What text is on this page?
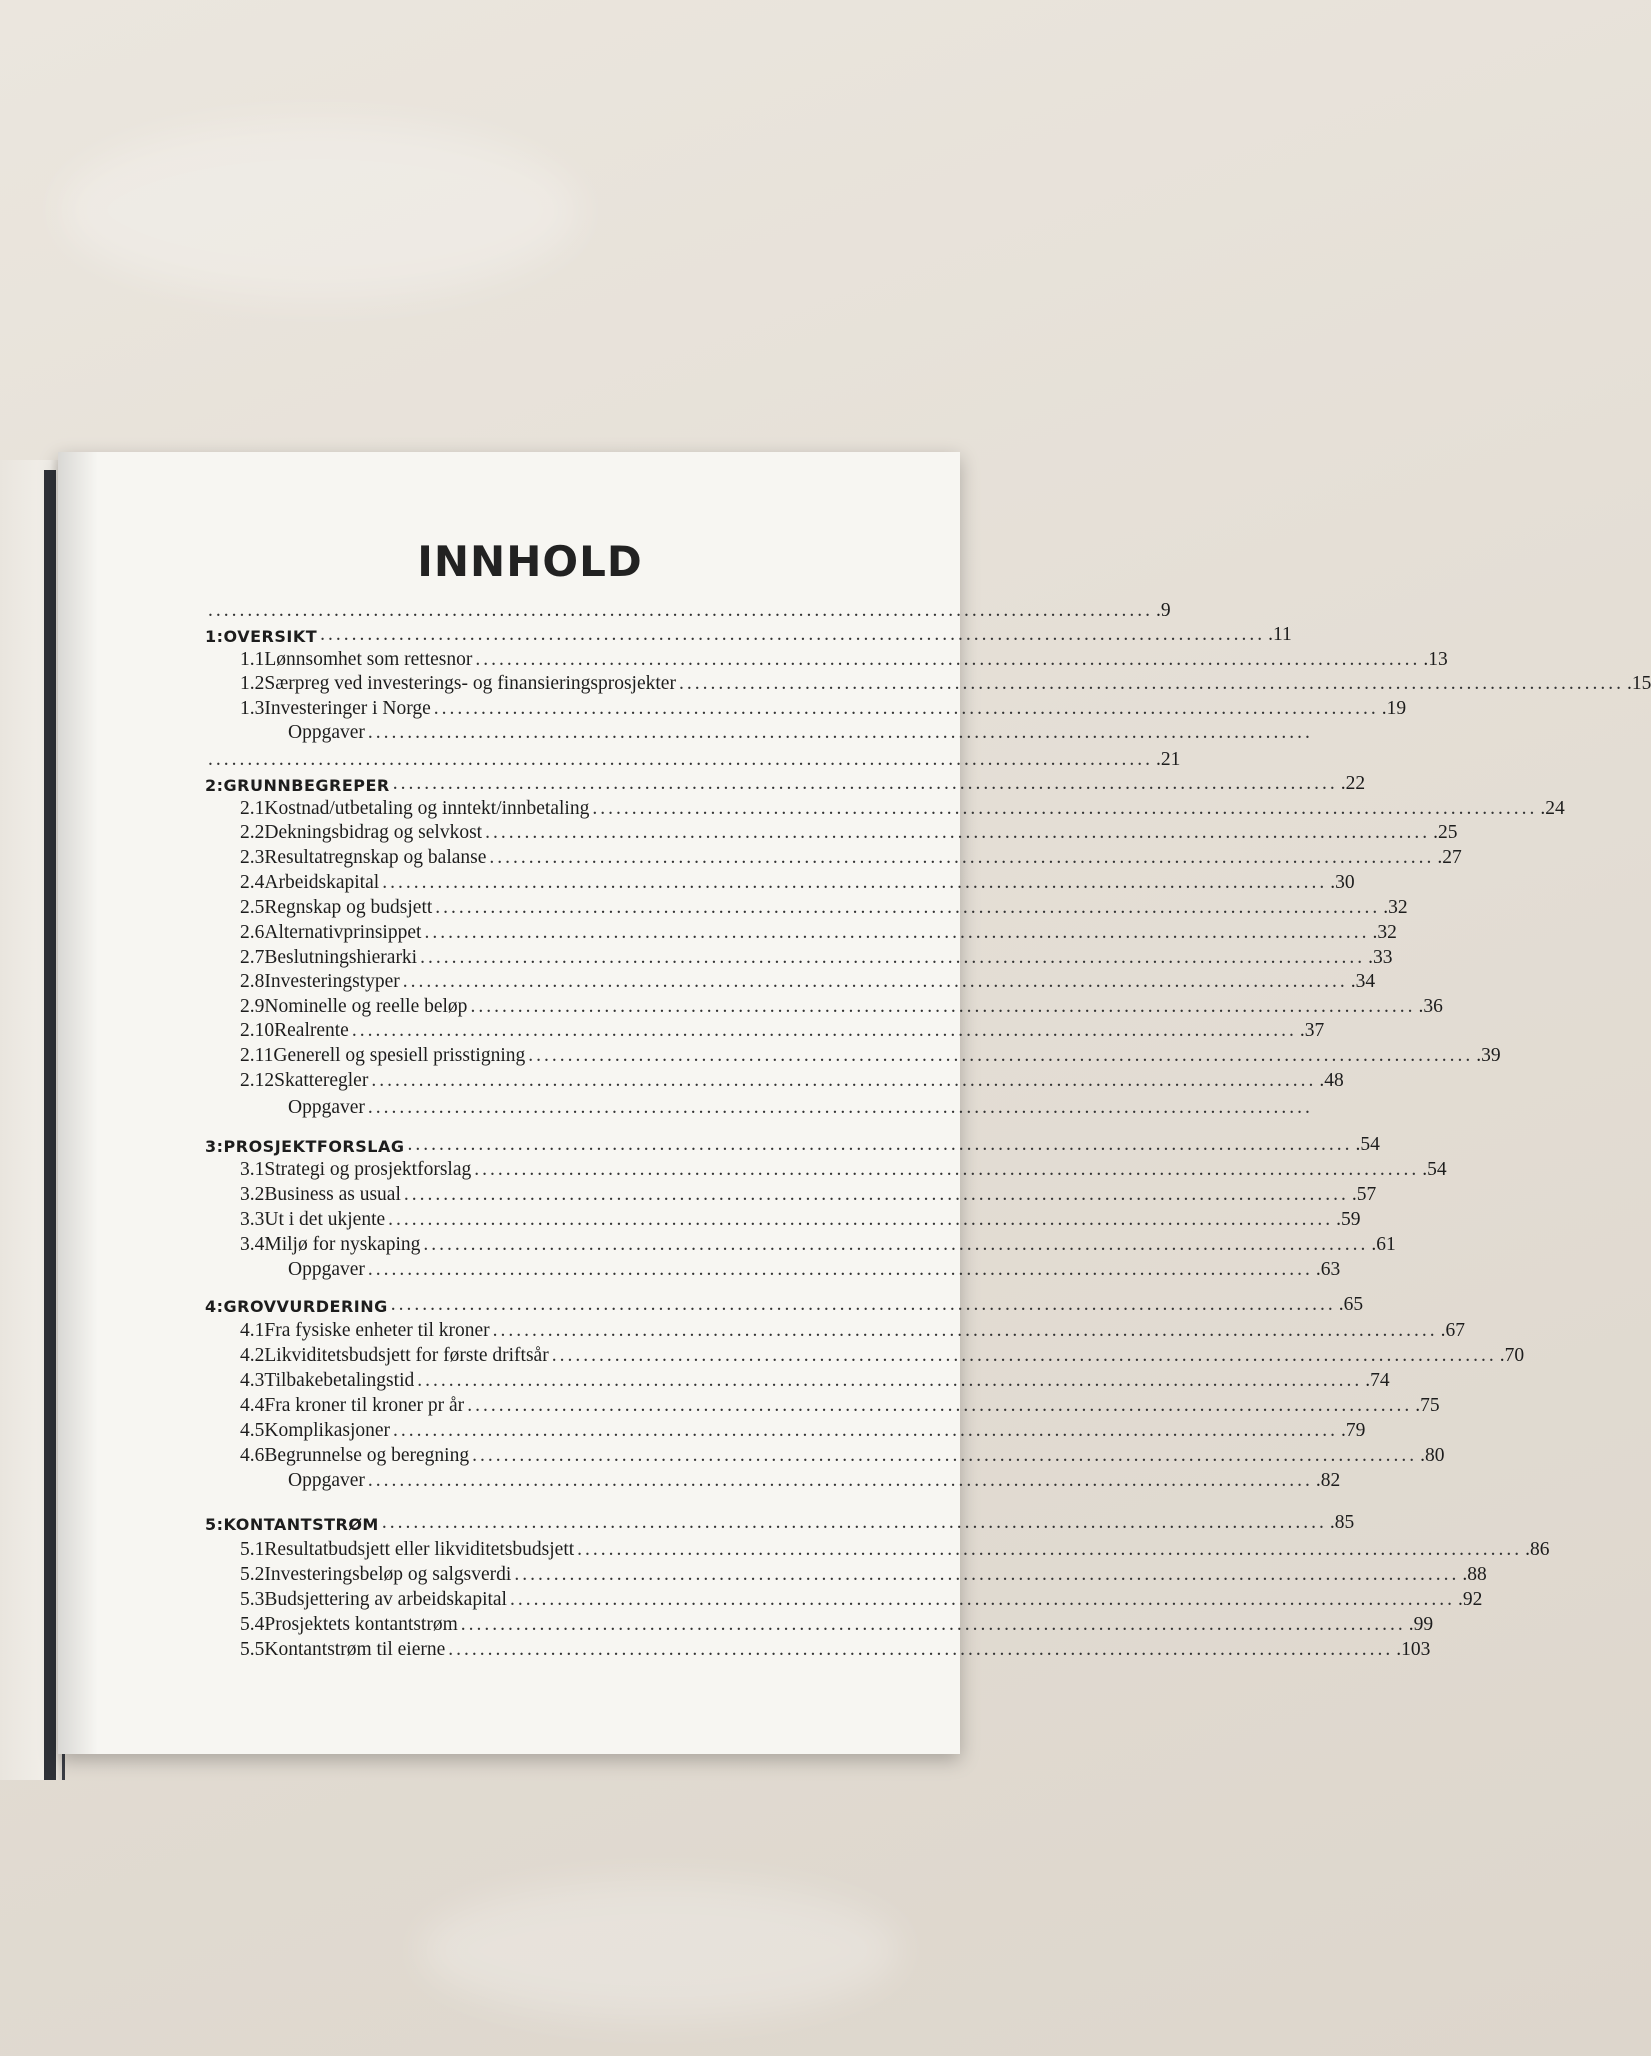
INNHOLD
........................................................................................................................ .9
1: OVERSIKT ........................................................................................................................ .11
1.1 Lønnsomhet som rettesnor ........................................................................................................................ .13
1.2 Særpreg ved investerings- og finansieringsprosjekter ........................................................................................................................ .15
1.3 Investeringer i Norge ........................................................................................................................ .19
Oppgaver ........................................................................................................................
........................................................................................................................ .21
2: GRUNNBEGREPER ........................................................................................................................ .22
2.1 Kostnad/utbetaling og inntekt/innbetaling ........................................................................................................................ .24
2.2 Dekningsbidrag og selvkost ........................................................................................................................ .25
2.3 Resultatregnskap og balanse ........................................................................................................................ .27
2.4 Arbeidskapital ........................................................................................................................ .30
2.5 Regnskap og budsjett ........................................................................................................................ .32
2.6 Alternativprinsippet ........................................................................................................................ .32
2.7 Beslutningshierarki ........................................................................................................................ .33
2.8 Investeringstyper ........................................................................................................................ .34
2.9 Nominelle og reelle beløp ........................................................................................................................ .36
2.10 Realrente ........................................................................................................................ .37
2.11 Generell og spesiell prisstigning ........................................................................................................................ .39
2.12 Skatteregler ........................................................................................................................ .48
Oppgaver ........................................................................................................................
3: PROSJEKTFORSLAG ........................................................................................................................ .54
3.1 Strategi og prosjektforslag ........................................................................................................................ .54
3.2 Business as usual ........................................................................................................................ .57
3.3 Ut i det ukjente ........................................................................................................................ .59
3.4 Miljø for nyskaping ........................................................................................................................ .61
Oppgaver ........................................................................................................................ .63
4: GROVVURDERING ........................................................................................................................ .65
4.1 Fra fysiske enheter til kroner ........................................................................................................................ .67
4.2 Likviditetsbudsjett for første driftsår ........................................................................................................................ .70
4.3 Tilbakebetalingstid ........................................................................................................................ .74
4.4 Fra kroner til kroner pr år ........................................................................................................................ .75
4.5 Komplikasjoner ........................................................................................................................ .79
4.6 Begrunnelse og beregning ........................................................................................................................ .80
Oppgaver ........................................................................................................................ .82
5: KONTANTSTRØM ........................................................................................................................ .85
5.1 Resultatbudsjett eller likviditetsbudsjett ........................................................................................................................ .86
5.2 Investeringsbeløp og salgsverdi ........................................................................................................................ .88
5.3 Budsjettering av arbeidskapital ........................................................................................................................ .92
5.4 Prosjektets kontantstrøm ........................................................................................................................ .99
5.5 Kontantstrøm til eierne ........................................................................................................................ .103
